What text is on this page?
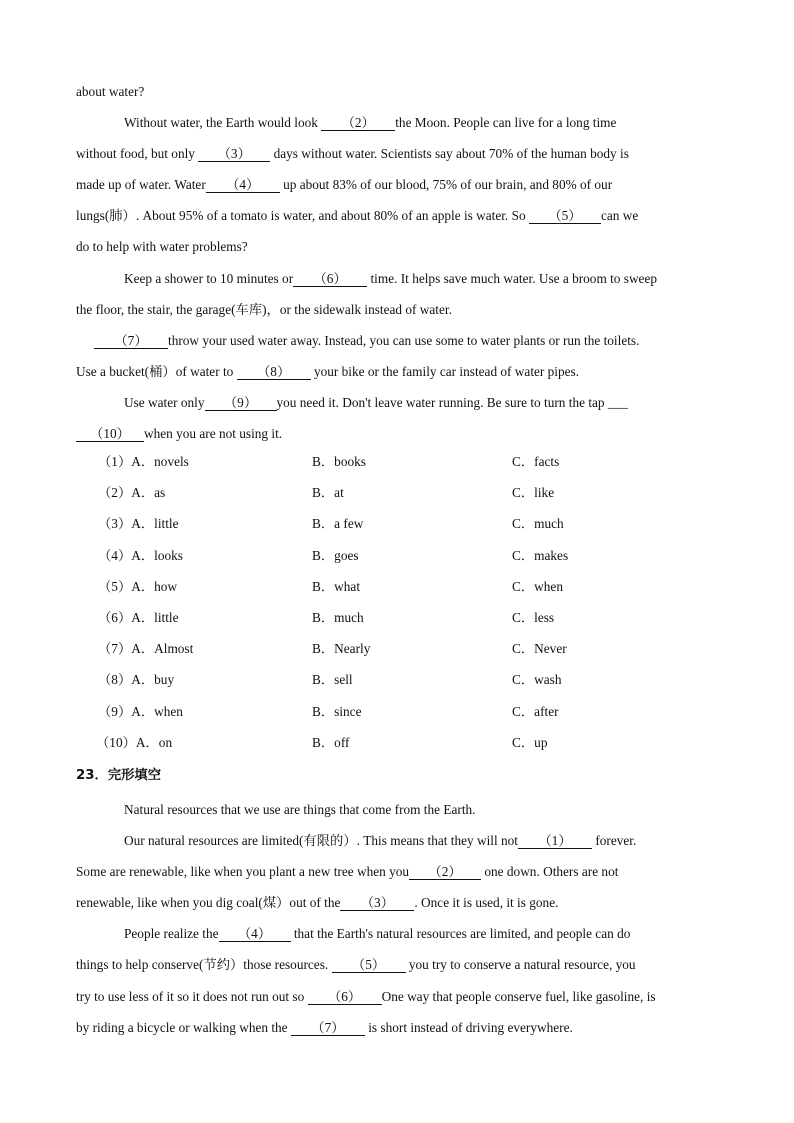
about water?

Without water, the Earth would look （2） the Moon. People can live for a long time

without food, but only （3） days without water. Scientists say about 70% of the human body is

made up of water. Water （4） up about 83% of our blood, 75% of our brain, and 80% of our

lungs(肺）. About 95% of a tomato is water, and about 80% of an apple is water. So （5） can we

do to help with water problems?

Keep a shower to 10 minutes or （6） time. It helps save much water. Use a broom to sweep

the floor, the stair, the garage(车库)，or the sidewalk instead of water.

（7） throw your used water away. Instead, you can use some to water plants or run the toilets.

Use a bucket(桶）of water to （8） your bike or the family car instead of water pipes.

Use water only （9） you need it. Don't leave water running. Be sure to turn the tap ___

（10） when you are not using it.

（1）A．novels	B．books	C．facts
（2）A．as	B．at	C．like
（3）A．little	B．a few	C．much
（4）A．looks	B．goes	C．makes
（5）A．how	B．what	C．when
（6）A．little	B．much	C．less
（7）A．Almost	B．Nearly	C．Never
（8）A．buy	B．sell	C．wash
（9）A．when	B．since	C．after
（10）A．on	B．off	C．up
23．完形填空

Natural resources that we use are things that come from the Earth.

Our natural resources are limited(有限的）. This means that they will not （1） forever.

Some are renewable, like when you plant a new tree when you （2） one down. Others are not

renewable, like when you dig coal(煤）out of the （3） . Once it is used, it is gone.

People realize the （4） that the Earth's natural resources are limited, and people can do

things to help conserve(节约）those resources. （5） you try to conserve a natural resource, you

try to use less of it so it does not run out so （6） One way that people conserve fuel, like gasoline, is

by riding a bicycle or walking when the （7） is short instead of driving everywhere.
